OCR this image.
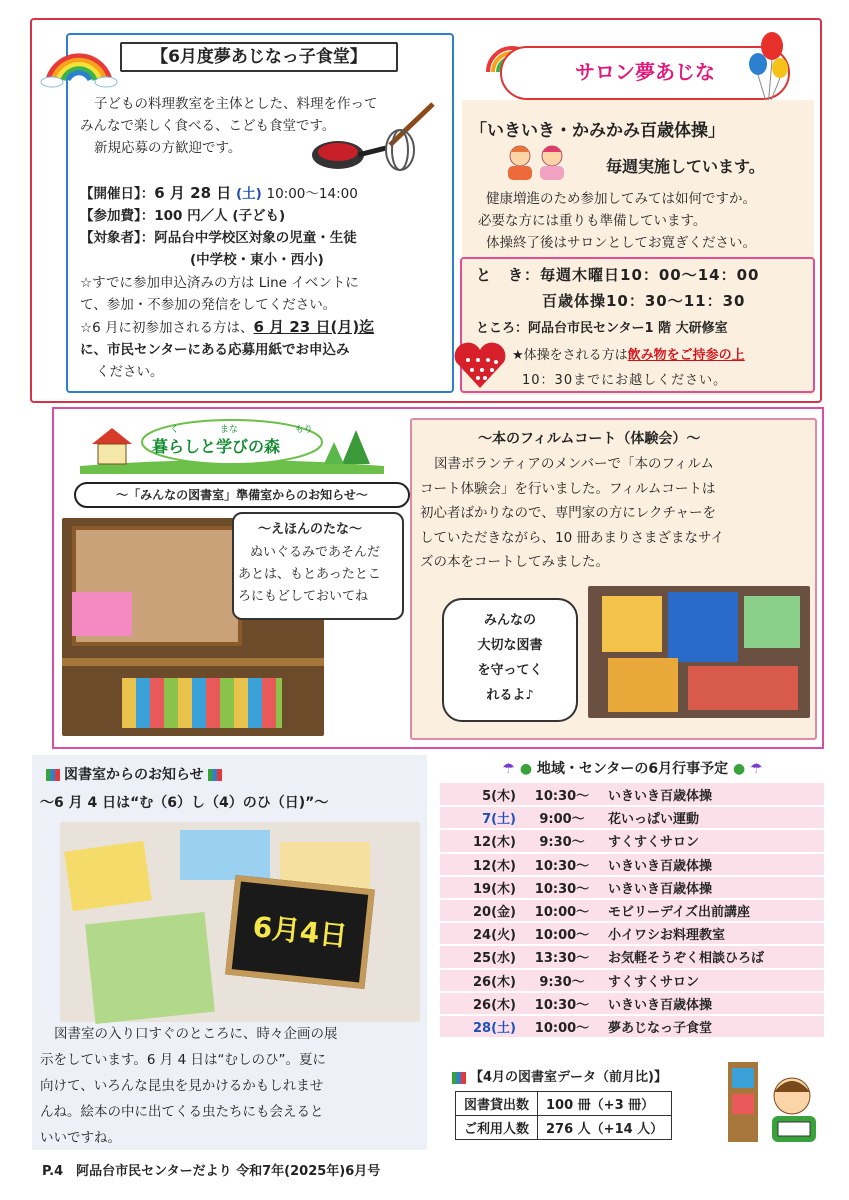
【6月度夢あじなっ子食堂】
子どもの料理教室を主体とした、料理を作って
みんなで楽しく食べる、こども食堂です。
新規応募の方歓迎です。
【開催日】：6 月 28 日 (土) 10:00～14:00
【参加費】：100 円／人 (子ども)
【対象者】：阿品台中学校区対象の児童・生徒
(中学校・東小・西小)
☆すでに参加申込済みの方は Line イベントに
て、参加・不参加の発信をしてください。
☆6 月に初参加される方は、6 月 23 日(月)迄
に、市民センターにある応募用紙でお申込み
ください。
サロン夢あじな
「いきいき・かみかみ百歳体操」
毎週実施しています。
健康増進のため参加してみては如何ですか。
必要な方には重りも準備しています。
体操終了後はサロンとしてお寛ぎください。
と　き：毎週木曜日10：00～14：00
百歳体操10：30～11：30
ところ：阿品台市民センター1 階 大研修室
★体操をされる方は飲み物をご持参の上
10：30までにお越しください。
く	まな	もり
暮らしと学びの森
～「みんなの図書室」準備室からのお知らせ～
～えほんのたな～
ぬいぐるみであそんだ
あとは、もとあったとこ
ろにもどしておいてね
～本のフィルムコート（体験会）～
図書ボランティアのメンバーで「本のフィルム
コート体験会」を行いました。フィルムコートは
初心者ばかりなので、専門家の方にレクチャーを
していただきながら、10 冊あまりさまざまなサイ
ズの本をコートしてみました。
みんなの
大切な図書
を守ってく
れるよ♪
図書室からのお知らせ
～6 月 4 日は“む（6）し（4）のひ（日)”～
6月4日
図書室の入り口すぐのところに、時々企画の展
示をしています。6 月 4 日は“むしのひ”。夏に
向けて、いろんな昆虫を見かけるかもしれませ
んね。絵本の中に出てくる虫たちにも会えると
いいですね。
☂ ● 地域・センターの6月行事予定 ● ☂
5(木)	10:30～	いきいき百歳体操
7(土)	9:00～	花いっぱい運動
12(木)	9:30～	すくすくサロン
12(木)	10:30～	いきいき百歳体操
19(木)	10:30～	いきいき百歳体操
20(金)	10:00～	モビリーデイズ出前講座
24(火)	10:00～	小イワシお料理教室
25(水)	13:30～	お気軽そうぞく相談ひろば
26(木)	9:30～	すくすくサロン
26(木)	10:30～	いきいき百歳体操
28(土)	10:00～	夢あじなっ子食堂
【4月の図書室データ（前月比)】
図書貸出数	100 冊（+3 冊）
ご利用人数	276 人（+14 人）
P.4　阿品台市民センターだより 令和7年(2025年)6月号
